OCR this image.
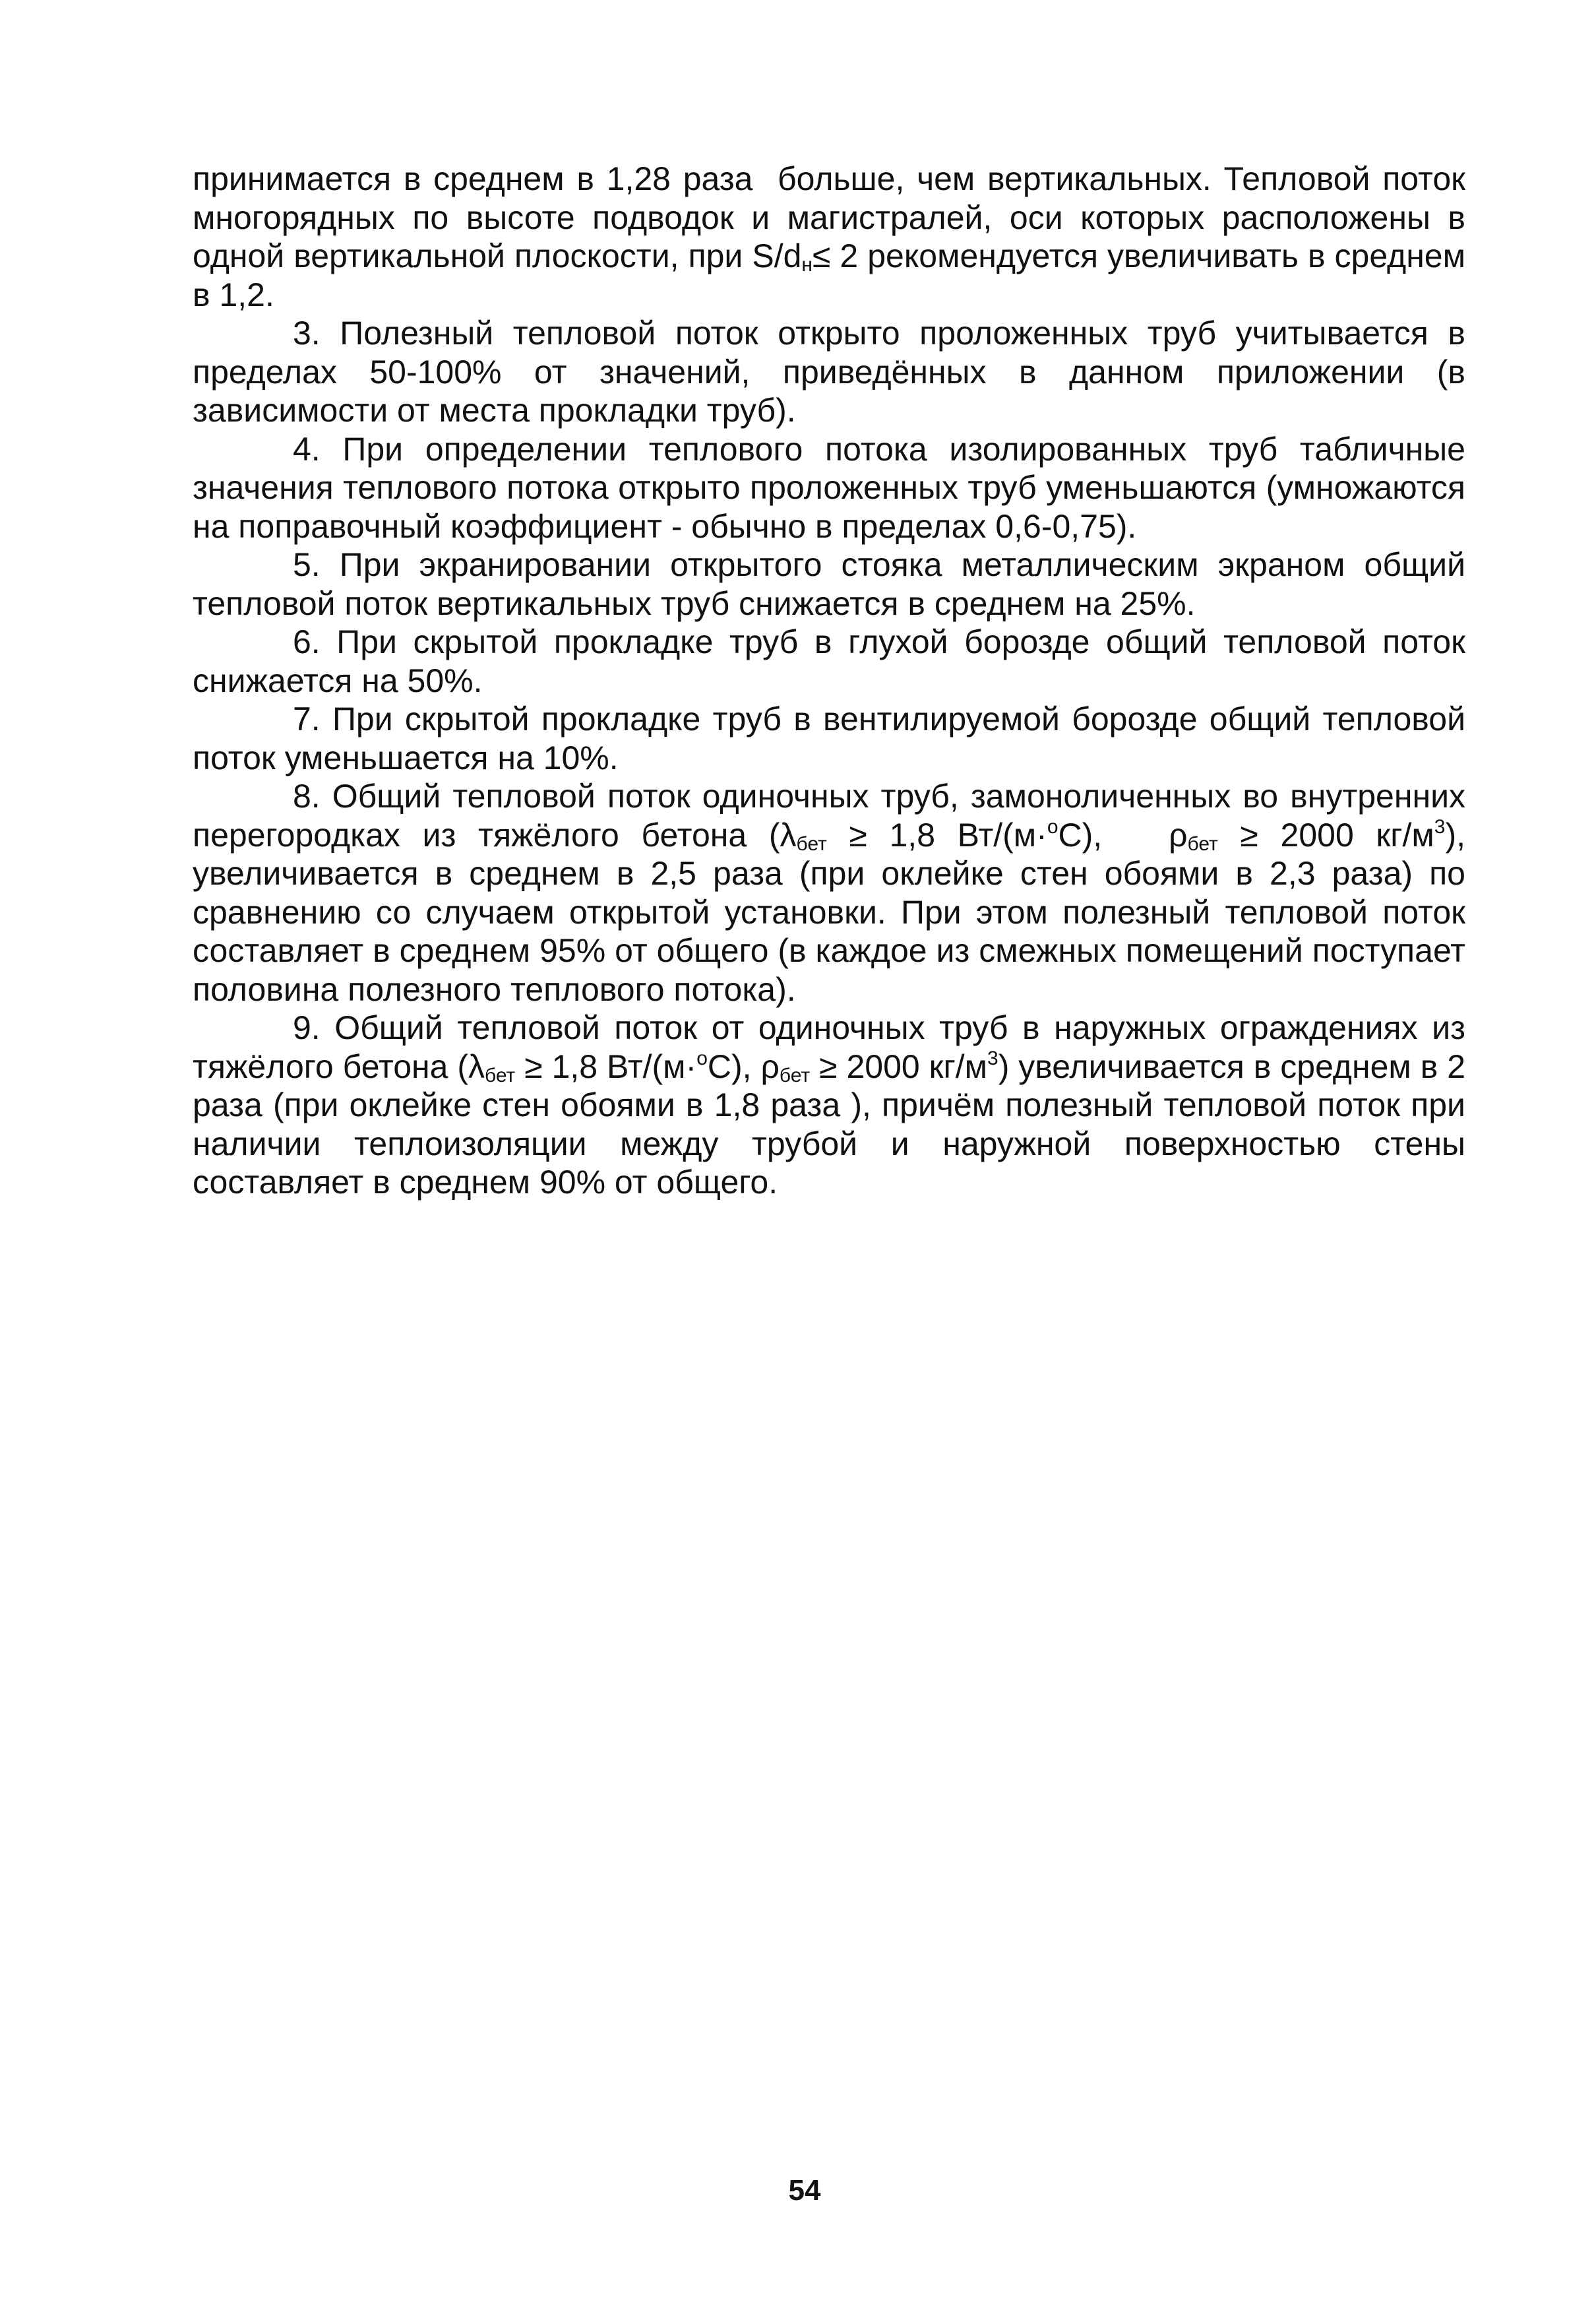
принимается в среднем в 1,28 раза  больше, чем вертикальных. Тепловой поток многорядных по высоте подводок и магистралей, оси которых расположены в одной вертикальной плоскости, при $S/d_н\le 2$ рекомендуется увеличивать в среднем в 1,2.

3. Полезный тепловой поток открыто проложенных труб учитывается в пределах 50-100% от значений, приведённых в данном приложении (в зависимости от места прокладки труб).

4. При определении теплового потока изолированных труб табличные значения теплового потока открыто проложенных труб уменьшаются (умножаются на поправочный коэффициент - обычно в пределах 0,6-0,75).

5. При экранировании открытого стояка металлическим экраном общий тепловой поток вертикальных труб снижается в среднем на 25%.

6. При скрытой прокладке труб в глухой борозде общий тепловой поток снижается на 50%.

7. При скрытой прокладке труб в вентилируемой борозде общий тепловой поток уменьшается на 10%.

8. Общий тепловой поток одиночных труб, замоноличенных во внутренних перегородках из тяжёлого бетона ($\lambda_{бет} \ge 1,8$ Вт/(м·$^о$С),   $\rho_{бет} \ge 2000$ $кг/м^3$), увеличивается в среднем в 2,5 раза (при оклейке стен обоями в 2,3 раза) по сравнению со случаем открытой установки. При этом полезный тепловой поток составляет в среднем 95% от общего (в каждое из смежных помещений поступает половина полезного теплового потока).

9. Общий тепловой поток от одиночных труб в наружных ограждениях из тяжёлого бетона ($\lambda_{бет} \ge 1,8$ Вт/(м·$^о$С), $\rho_{бет} \ge 2000$ $кг/м^3$) увеличивается в среднем в 2 раза (при оклейке стен обоями в 1,8 раза ), причём полезный тепловой поток при наличии теплоизоляции между трубой и наружной поверхностью стены составляет в среднем 90% от общего.

54
